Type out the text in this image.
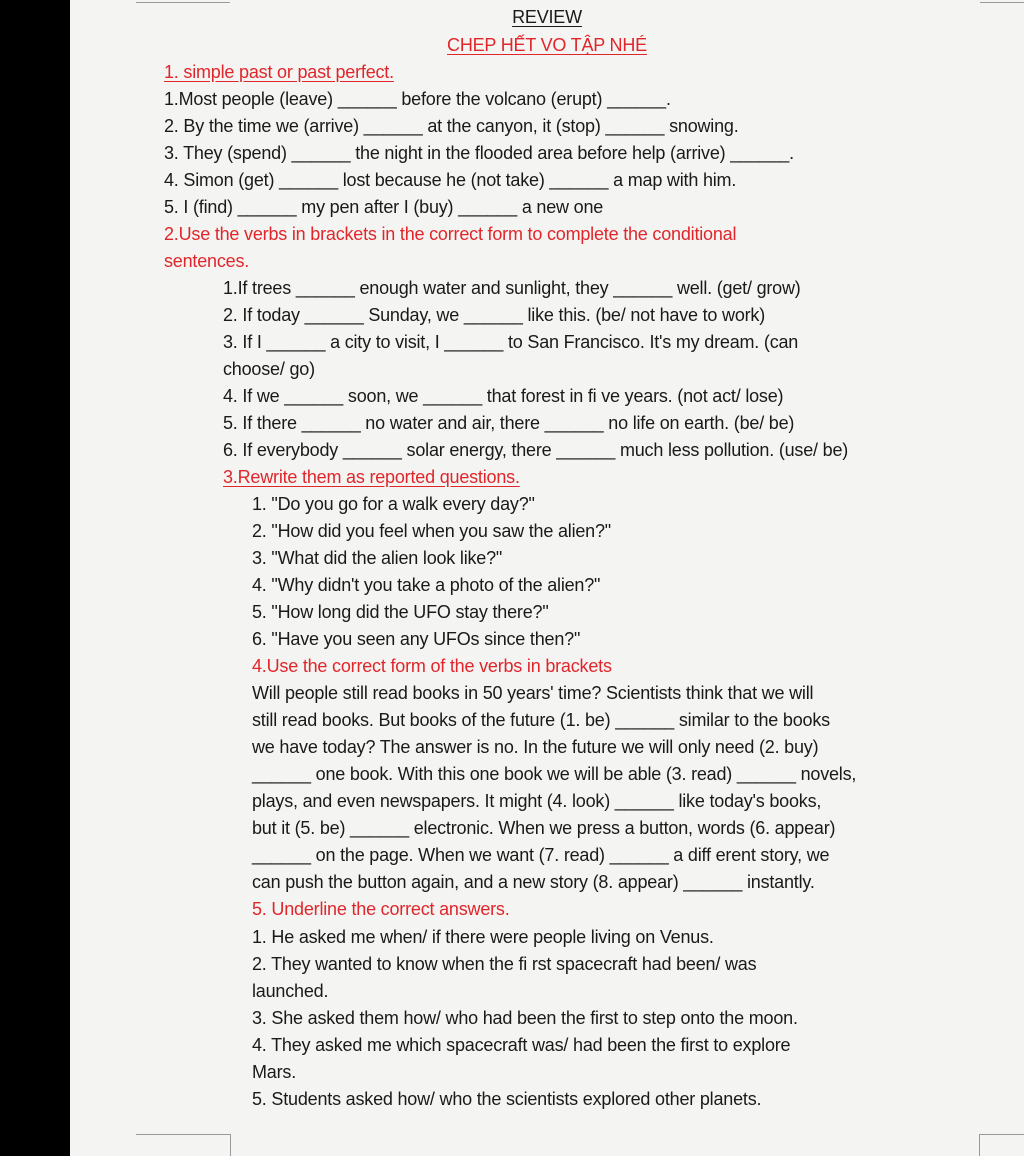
REVIEW
CHEP HẾT VO TẬP NHÉ
1. simple past or past perfect.
1.Most people (leave) ______ before the volcano (erupt) ______.
2. By the time we (arrive) ______ at the canyon, it (stop) ______ snowing.
3. They (spend) ______ the night in the flooded area before help (arrive) ______.
4. Simon (get) ______ lost because he (not take) ______ a map with him.
5. I (find) ______ my pen after I (buy) ______ a new one
2.Use the verbs in brackets in the correct form to complete the conditional
sentences.
1.If trees ______ enough water and sunlight, they ______ well. (get/ grow)
2. If today ______ Sunday, we ______ like this. (be/ not have to work)
3. If I ______ a city to visit, I ______ to San Francisco. It's my dream. (can
choose/ go)
4. If we ______ soon, we ______ that forest in fi ve years. (not act/ lose)
5. If there ______ no water and air, there ______ no life on earth. (be/ be)
6. If everybody ______ solar energy, there ______ much less pollution. (use/ be)
3.Rewrite them as reported questions.
1. "Do you go for a walk every day?"
2. "How did you feel when you saw the alien?"
3. "What did the alien look like?"
4. "Why didn't you take a photo of the alien?"
5. "How long did the UFO stay there?"
6. "Have you seen any UFOs since then?"
4.Use the correct form of the verbs in brackets
Will people still read books in 50 years' time? Scientists think that we will
still read books. But books of the future (1. be) ______ similar to the books
we have today? The answer is no. In the future we will only need (2. buy)
______ one book. With this one book we will be able (3. read) ______ novels,
plays, and even newspapers. It might (4. look) ______ like today's books,
but it (5. be) ______ electronic. When we press a button, words (6. appear)
______ on the page. When we want (7. read) ______ a diff erent story, we
can push the button again, and a new story (8. appear) ______ instantly.
5. Underline the correct answers.
1. He asked me when/ if there were people living on Venus.
2. They wanted to know when the fi rst spacecraft had been/ was
launched.
3. She asked them how/ who had been the first to step onto the moon.
4. They asked me which spacecraft was/ had been the first to explore
Mars.
5. Students asked how/ who the scientists explored other planets.
